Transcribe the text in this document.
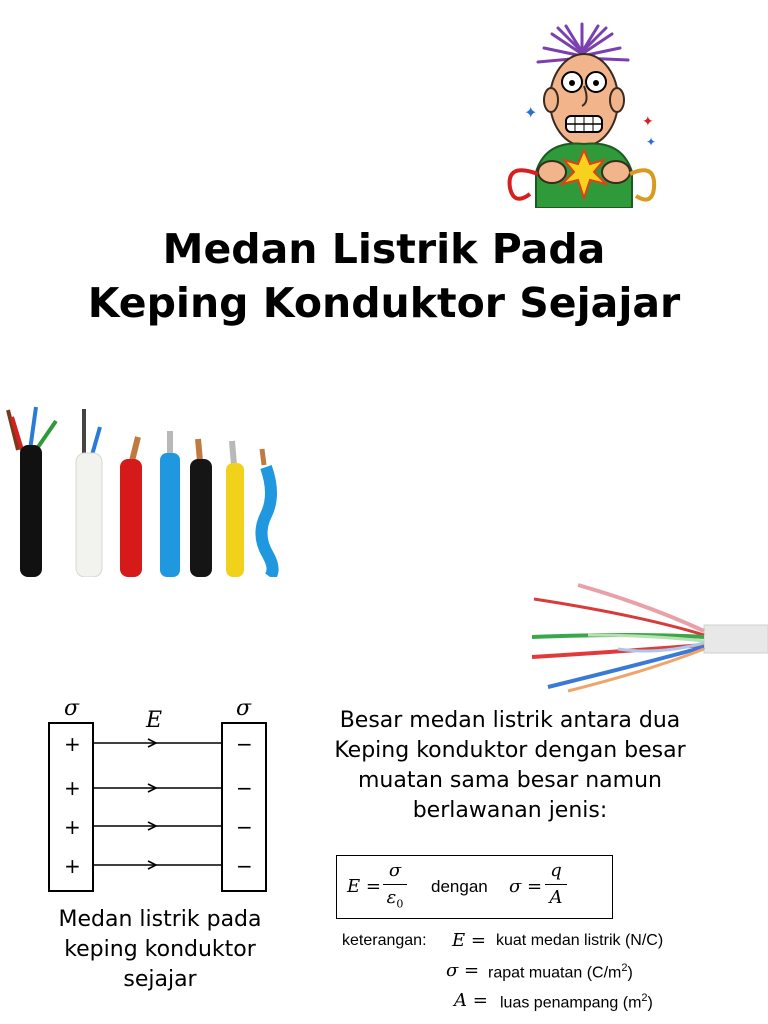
✦	✦
✦
Medan Listrik Pada
Keping Konduktor Sejajar
σ	σ
E
+
+
+
+
−
−
−
−
Besar medan listrik antara dua Keping konduktor dengan besar muatan sama besar namun berlawanan jenis:
Medan listrik pada keping konduktor sejajar
E =
σ
$\varepsilon_0$
dengan σ =
q
A
keterangan: E = kuat medan listrik (N/C)
σ = rapat muatan $(C/m^2)$
A = luas penampang $(m^2)$
